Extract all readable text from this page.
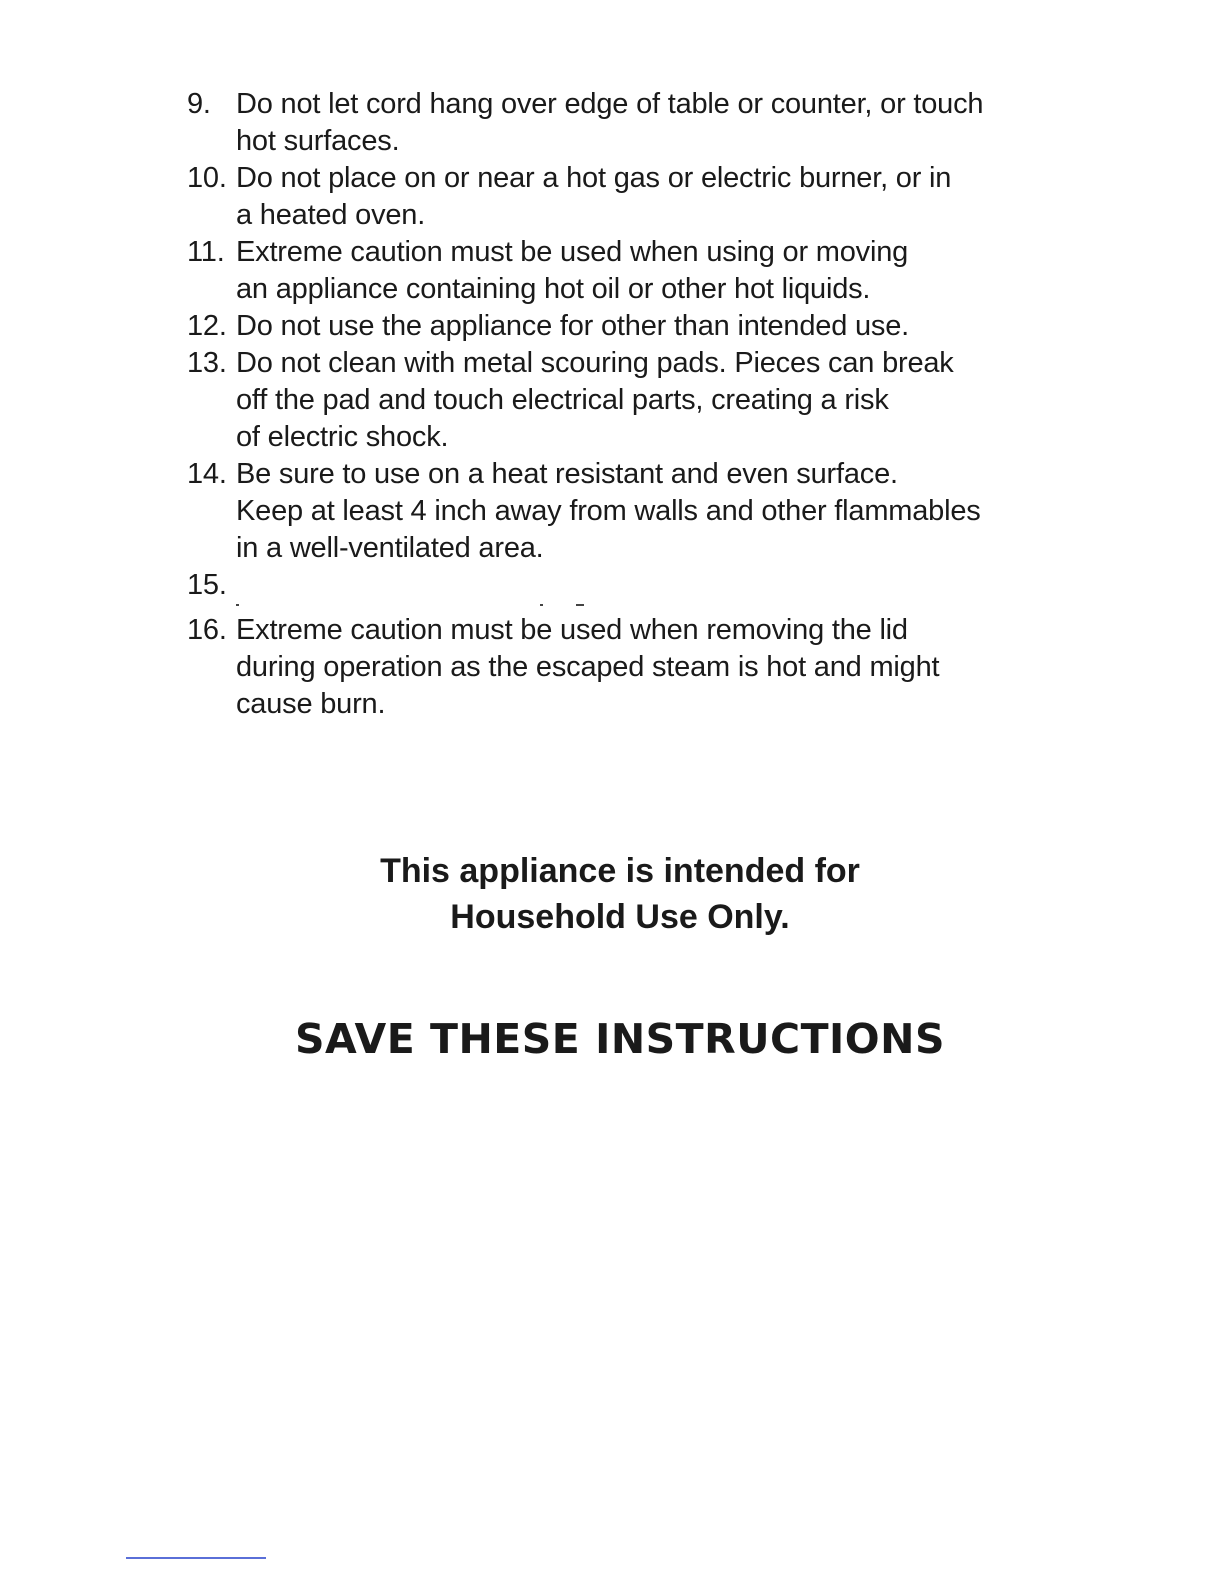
9. Do not let cord hang over edge of table or counter, or touch
hot surfaces.
10. Do not place on or near a hot gas or electric burner, or in
a heated oven.
11. Extreme caution must be used when using or moving
an appliance containing hot oil or other hot liquids.
12. Do not use the appliance for other than intended use.
13. Do not clean with metal scouring pads. Pieces can break
off the pad and touch electrical parts, creating a risk
of electric shock.
14. Be sure to use on a heat resistant and even surface.
Keep at least 4 inch away from walls and other flammables
in a well-ventilated area.
15.
16. Extreme caution must be used when removing the lid
during operation as the escaped steam is hot and might
cause burn.
This appliance is intended for
Household Use Only.
SAVE THESE INSTRUCTIONS
